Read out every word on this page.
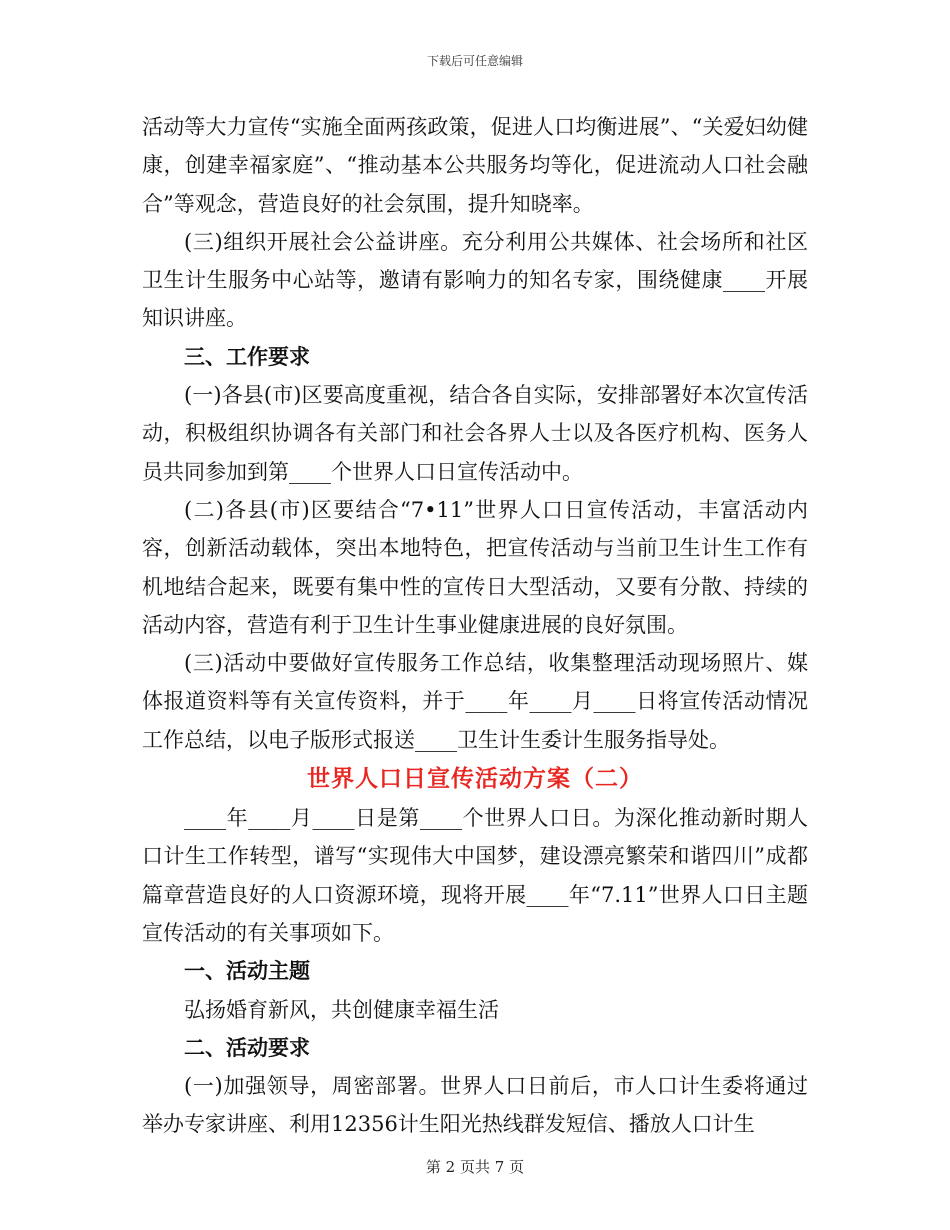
下载后可任意编辑

活动等大力宣传“实施全面两孩政策，促进人口均衡进展”、“关爱妇幼健康，创建幸福家庭”、“推动基本公共服务均等化，促进流动人口社会融合”等观念，营造良好的社会氛围，提升知晓率。

(三)组织开展社会公益讲座。充分利用公共媒体、社会场所和社区卫生计生服务中心站等，邀请有影响力的知名专家，围绕健康____开展知识讲座。

三、工作要求

(一)各县(市)区要高度重视，结合各自实际，安排部署好本次宣传活动，积极组织协调各有关部门和社会各界人士以及各医疗机构、医务人员共同参加到第____个世界人口日宣传活动中。

(二)各县(市)区要结合“7•11”世界人口日宣传活动，丰富活动内容，创新活动载体，突出本地特色，把宣传活动与当前卫生计生工作有机地结合起来，既要有集中性的宣传日大型活动，又要有分散、持续的活动内容，营造有利于卫生计生事业健康进展的良好氛围。

(三)活动中要做好宣传服务工作总结，收集整理活动现场照片、媒体报道资料等有关宣传资料，并于____年____月____日将宣传活动情况工作总结，以电子版形式报送____卫生计生委计生服务指导处。

世界人口日宣传活动方案（二）

____年____月____日是第____个世界人口日。为深化推动新时期人口计生工作转型，谱写“实现伟大中国梦，建设漂亮繁荣和谐四川”成都篇章营造良好的人口资源环境，现将开展____年“7.11”世界人口日主题宣传活动的有关事项如下。

一、活动主题

弘扬婚育新风，共创健康幸福生活

二、活动要求

(一)加强领导，周密部署。世界人口日前后，市人口计生委将通过举办专家讲座、利用12356计生阳光热线群发短信、播放人口计生

第 2 页共 7 页
